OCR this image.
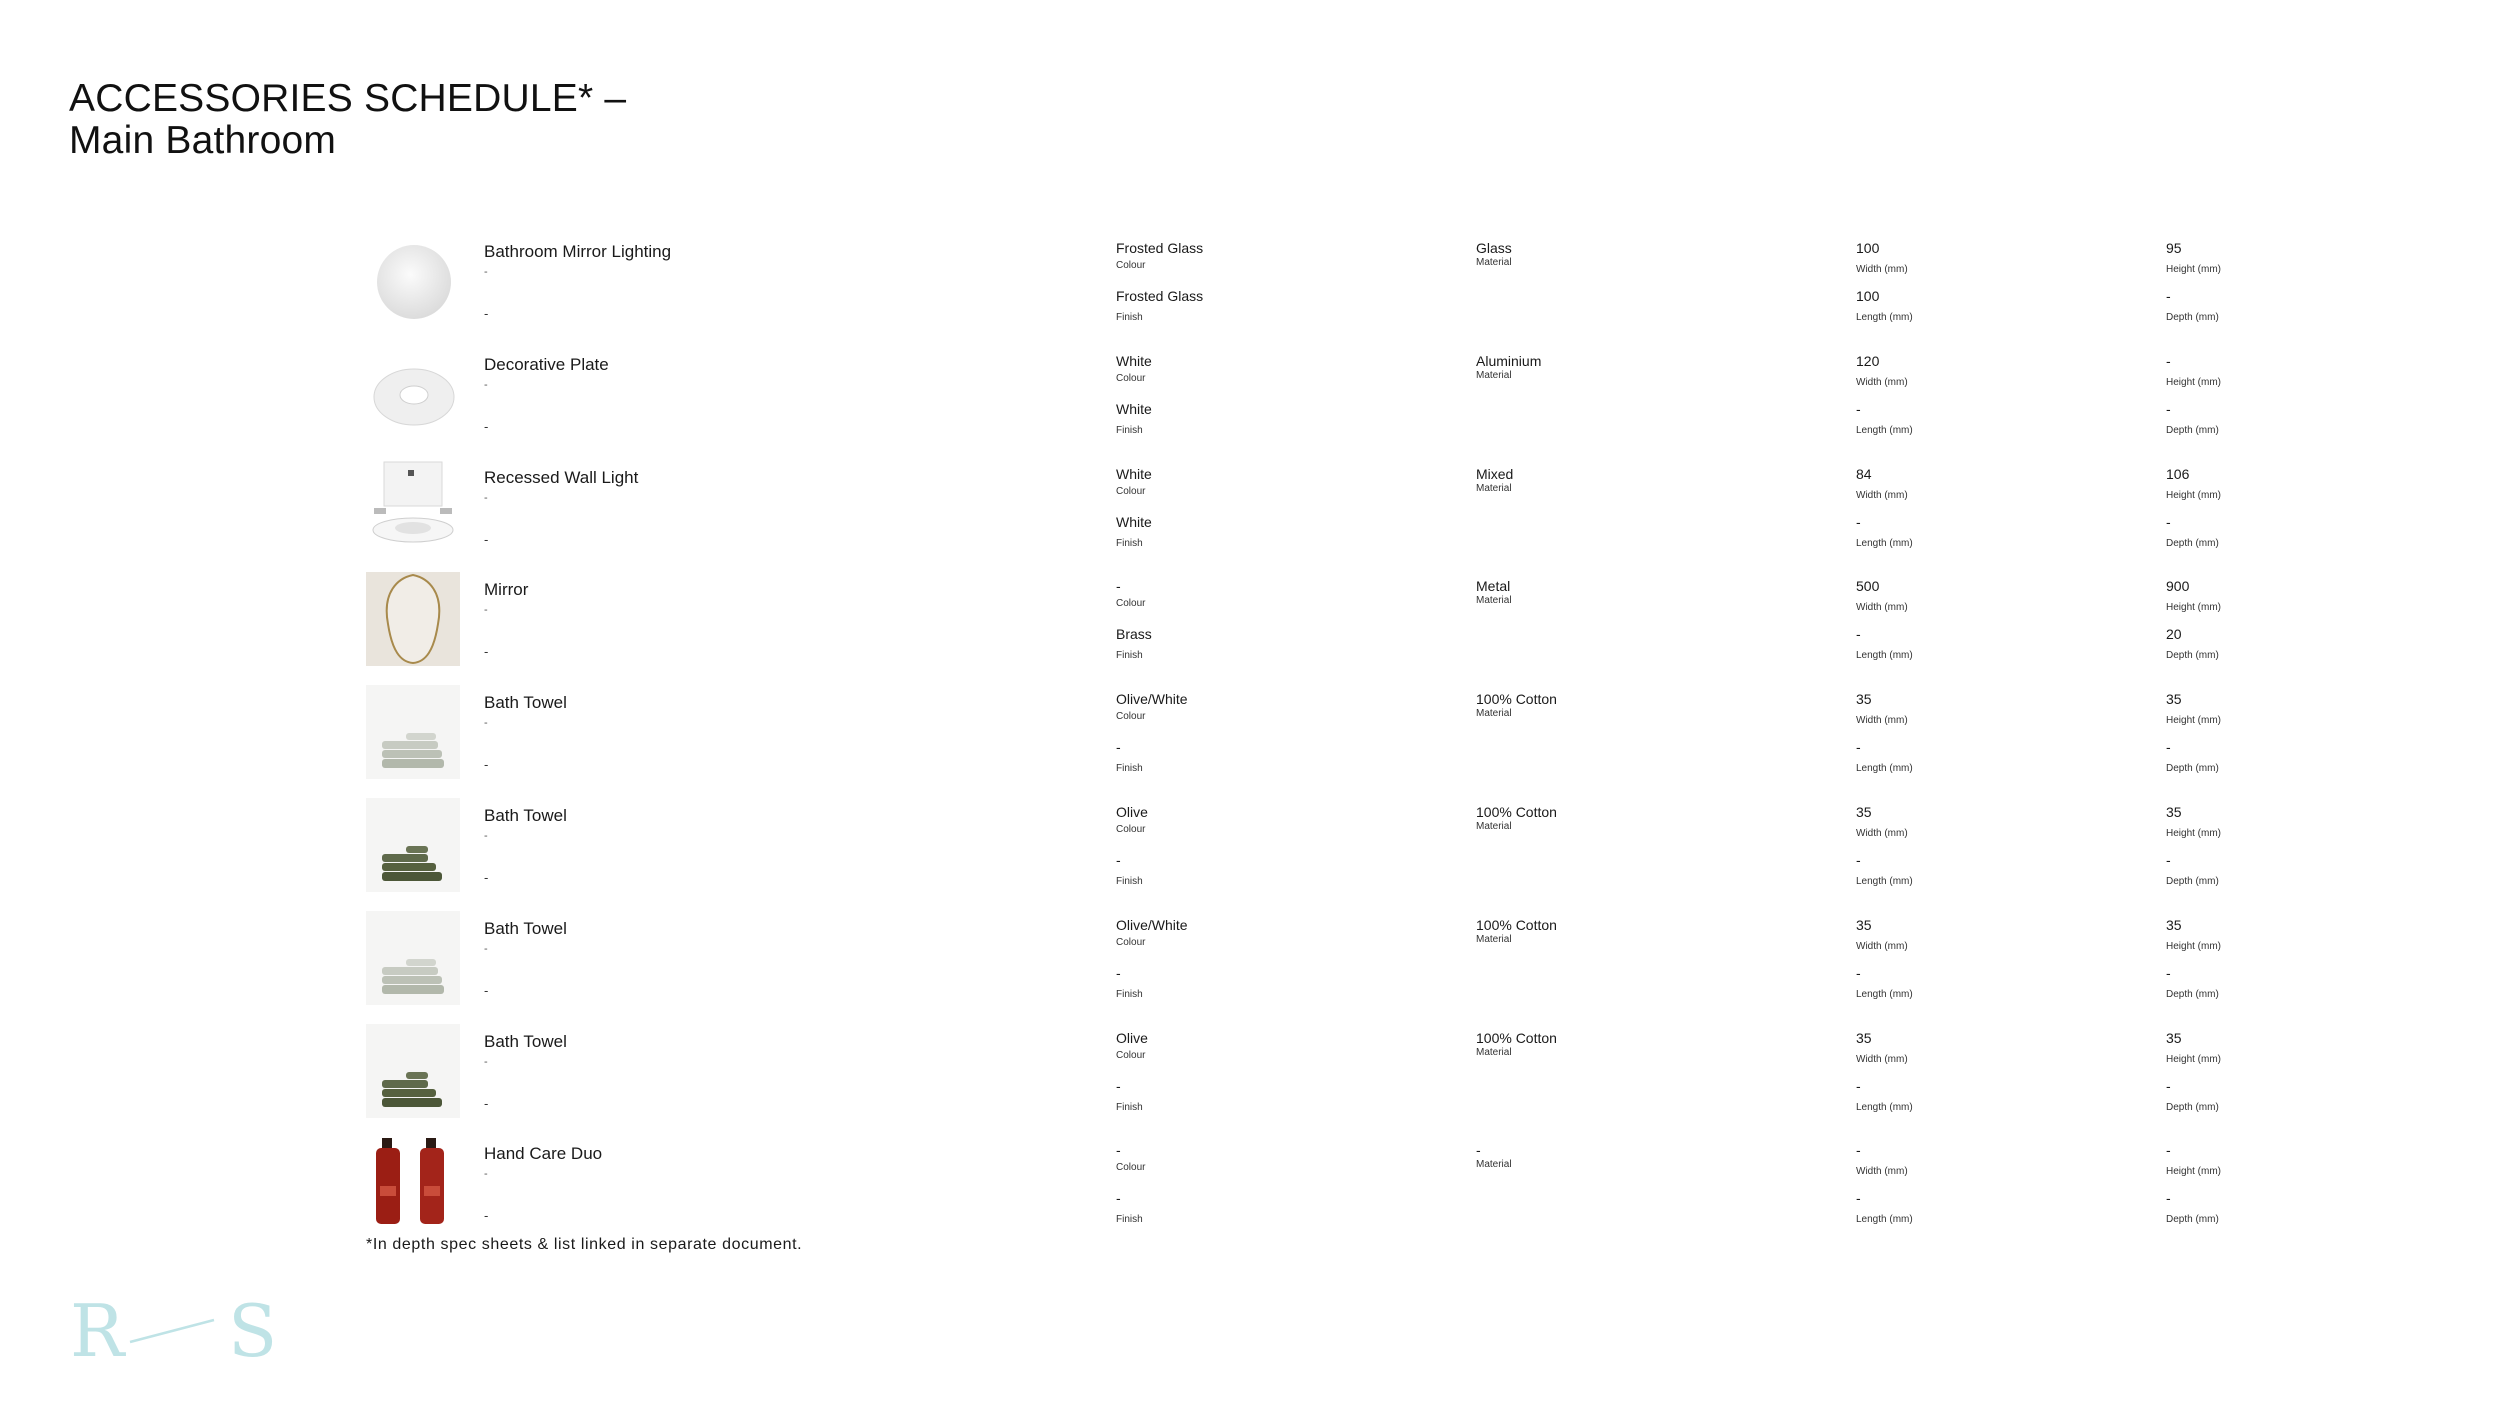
ACCESSORIES SCHEDULE* –
Main Bathroom
Bathroom Mirror Lighting
-
-
Frosted Glass
Colour
Frosted Glass
Finish
Glass
Material
100
Width (mm)
100
Length (mm)
95
Height (mm)
-
Depth (mm)
Decorative Plate
-
-
White
Colour
White
Finish
Aluminium
Material
120
Width (mm)
-
Length (mm)
-
Height (mm)
-
Depth (mm)
Recessed Wall Light
-
-
White
Colour
White
Finish
Mixed
Material
84
Width (mm)
-
Length (mm)
106
Height (mm)
-
Depth (mm)
Mirror
-
-
-
Colour
Brass
Finish
Metal
Material
500
Width (mm)
-
Length (mm)
900
Height (mm)
20
Depth (mm)
Bath Towel
-
-
Olive/White
Colour
-
Finish
100% Cotton
Material
35
Width (mm)
-
Length (mm)
35
Height (mm)
-
Depth (mm)
Bath Towel
-
-
Olive
Colour
-
Finish
100% Cotton
Material
35
Width (mm)
-
Length (mm)
35
Height (mm)
-
Depth (mm)
Bath Towel
-
-
Olive/White
Colour
-
Finish
100% Cotton
Material
35
Width (mm)
-
Length (mm)
35
Height (mm)
-
Depth (mm)
Bath Towel
-
-
Olive
Colour
-
Finish
100% Cotton
Material
35
Width (mm)
-
Length (mm)
35
Height (mm)
-
Depth (mm)
Hand Care Duo
-
-
-
Colour
-
Finish
-
Material
-
Width (mm)
-
Length (mm)
-
Height (mm)
-
Depth (mm)
*In depth spec sheets & list linked in separate document.
R S
